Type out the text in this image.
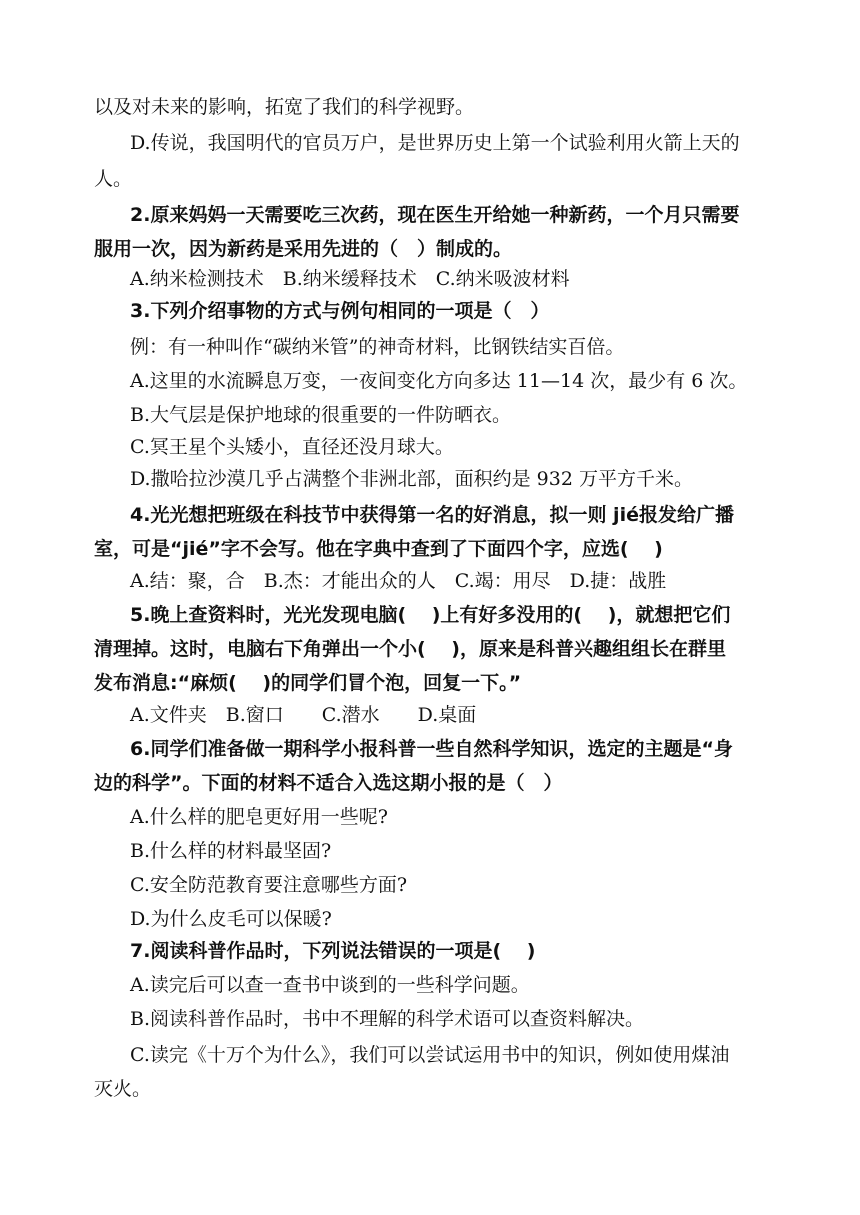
以及对未来的影响，拓宽了我们的科学视野。
D.传说，我国明代的官员万户，是世界历史上第一个试验利用火箭上天的
人。
2.原来妈妈一天需要吃三次药，现在医生开给她一种新药，一个月只需要
服用一次，因为新药是采用先进的（　）制成的。
A.纳米检测技术　B.纳米缓释技术　C.纳米吸波材料
3.下列介绍事物的方式与例句相同的一项是（　）
例：有一种叫作“碳纳米管”的神奇材料，比钢铁结实百倍。
A.这里的水流瞬息万变，一夜间变化方向多达 11—14 次，最少有 6 次。
B.大气层是保护地球的很重要的一件防晒衣。
C.冥王星个头矮小，直径还没月球大。
D.撒哈拉沙漠几乎占满整个非洲北部，面积约是 932 万平方千米。
4.光光想把班级在科技节中获得第一名的好消息，拟一则 jié报发给广播
室，可是“jié”字不会写。他在字典中查到了下面四个字，应选(　 )
A.结：聚，合　B.杰：才能出众的人　C.竭：用尽　D.捷：战胜
5.晚上查资料时，光光发现电脑(　 )上有好多没用的(　 )，就想把它们
清理掉。这时，电脑右下角弹出一个小(　 )，原来是科普兴趣组组长在群里
发布消息:“麻烦(　 )的同学们冒个泡，回复一下。”
A.文件夹　B.窗口　　C.潜水　　D.桌面
6.同学们准备做一期科学小报科普一些自然科学知识，选定的主题是“身
边的科学”。下面的材料不适合入选这期小报的是（　）
A.什么样的肥皂更好用一些呢?
B.什么样的材料最坚固?
C.安全防范教育要注意哪些方面?
D.为什么皮毛可以保暖?
7.阅读科普作品时，下列说法错误的一项是(　 )
A.读完后可以查一查书中谈到的一些科学问题。
B.阅读科普作品时，书中不理解的科学术语可以查资料解决。
C.读完《十万个为什么》，我们可以尝试运用书中的知识，例如使用煤油
灭火。
